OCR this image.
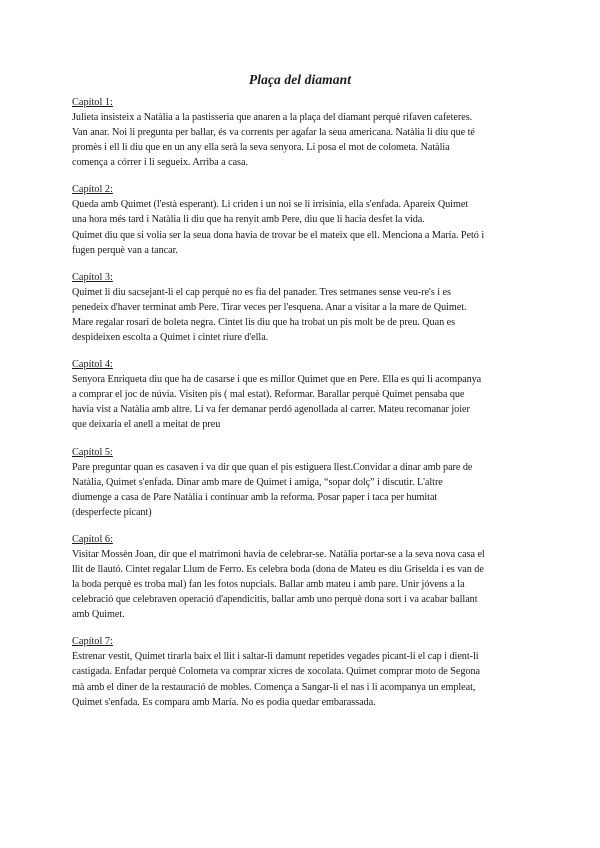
Plaça del diamant
Capítol 1:

Julieta insisteix a Natàlia a la pastisseria que anaren a la plaça del diamant perquè rifaven cafeteres.
Van anar. Noi li pregunta per ballar, és va corrents per agafar la seua americana. Natàlia li diu que té
promès i ell li diu que en un any ella serà la seva senyora. Li posa el mot de colometa. Natàlia
comença a córrer i li segueix. Arriba a casa.

Capítol 2:

Queda amb Quimet (l'està esperant). Li criden i un noi se li irrisinia, ella s'enfada. Apareix Quimet
una hora més tard i Natàlia li diu que ha renyit amb Pere, diu que li hacia desfet la vida.
Quimet diu que si volia ser la seua dona havia de trovar be el mateix que ell. Menciona a María. Petó i
fugen perquè van a tancar.

Capítol 3:

Quimet li diu sacsejant-li el cap perquè no es fia del panader. Tres setmanes sense veu-re's i es
penedeix d'haver terminat amb Pere. Tirar veces per l'esquena. Anar a visitar a la mare de Quimet.
Mare regalar rosari de boleta negra. Cintet lis diu que ha trobat un pis molt be de preu. Quan es
despideixen escolta a Quimet i cintet riure d'ella.

Capítol 4:

Senyora Enriqueta diu que ha de casarse i que es millor Quimet que en Pere. Ella es qui li acompanya
a comprar el joc de núvia. Visiten pis ( mal estat). Reformar. Barallar perquè Quimet pensaba que
havia vist a Natàlia amb altre. Li va fer demanar perdó agenollada al carrer. Mateu recomanar joier
que deixaria el anell a meitat de preu

Capítol 5:

Pare preguntar quan es casaven i va dir que quan el pis estiguera llest.Convidar a dinar amb pare de
Natàlia, Quimet s'enfada. Dinar amb mare de Quimet i amiga, “sopar dolç” i discutir. L'altre
diumenge a casa de Pare Natàlia i continuar amb la reforma. Posar paper i taca per humitat
(desperfecte picant)

Capítol 6:

Visitar Mossèn Joan, dir que el matrimoni havia de celebrar-se. Natàlia portar-se a la seva nova casa el
llit de llautó. Cintet regalar Llum de Ferro. Es celebra boda (dona de Mateu es diu Griselda i es van de
la boda perquè es troba mal) fan les fotos nupcials. Ballar amb mateu i amb pare. Unir jóvens a la
celebració que celebraven operació d'apendicitis, ballar amb uno perquè dona sort i va acabar ballant
amb Quimet.

Capítol 7:

Estrenar vestit, Quimet tirarla baix el llit i saltar-li damunt repetides vegades picant-li el cap i dient-li
castigada. Enfadar perquè Colometa va comprar xicres de xocolata. Quimet comprar moto de Segona
mà amb el diner de la restauració de mobles. Comença a Sangar-li el nas i li acompanya un empleat,
Quimet s'enfada. Es compara amb María. No es podia quedar embarassada.
